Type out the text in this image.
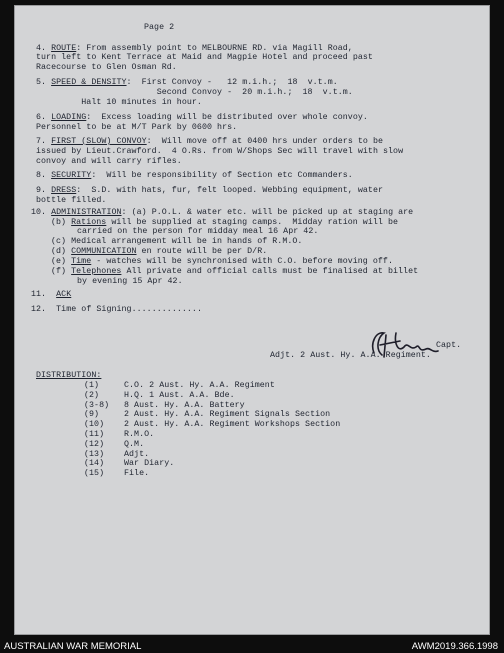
Page 2
4. ROUTE: From assembly point to MELBOURNE RD. via Magill Road,
turn left to Kent Terrace at Maid and Magpie Hotel and proceed past
Racecourse to Glen Osman Rd.
5. SPEED & DENSITY:  First Convoy -   12 m.i.h.;  18  v.t.m.
Second Convoy -  20 m.i.h.;  18  v.t.m.
Halt 10 minutes in hour.
6. LOADING:  Excess loading will be distributed over whole convoy.
Personnel to be at M/T Park by 0600 hrs.
7. FIRST (SLOW) CONVOY:  Will move off at 0400 hrs under orders to be
issued by Lieut.Crawford.  4 O.Rs. from W/Shops Sec will travel with slow
convoy and will carry rifles.
8. SECURITY:  Will be responsibility of Section etc Commanders.
9. DRESS:  S.D. with hats, fur, felt looped. Webbing equipment, water
bottle filled.
10. ADMINISTRATION: (a) P.O.L. & water etc. will be picked up at staging are
(b) Rations will be supplied at staging camps.  Midday ration will be
carried on the person for midday meal 16 Apr 42.
(c) Medical arrangement will be in hands of R.M.O.
(d) COMMUNICATION en route will be per D/R.
(e) Time - watches will be synchronised with C.O. before moving off.
(f) Telephones All private and official calls must be finalised at billet
by evening 15 Apr 42.
11. ACK
12. Time of Signing..............
Capt.
Adjt. 2 Aust. Hy. A.A. Regiment.
DISTRIBUTION:
(1)	C.O. 2 Aust. Hy. A.A. Regiment
(2)	H.Q. 1 Aust. A.A. Bde.
(3-8) 8 Aust. Hy. A.A. Battery
(9)	2 Aust. Hy. A.A. Regiment Signals Section
(10) 2 Aust. Hy. A.A. Regiment Workshops Section
(11) R.M.O.
(12) Q.M.
(13) Adjt.
(14) War Diary.
(15) File.
AUSTRALIAN WAR MEMORIAL	AWM2019.366.1998
